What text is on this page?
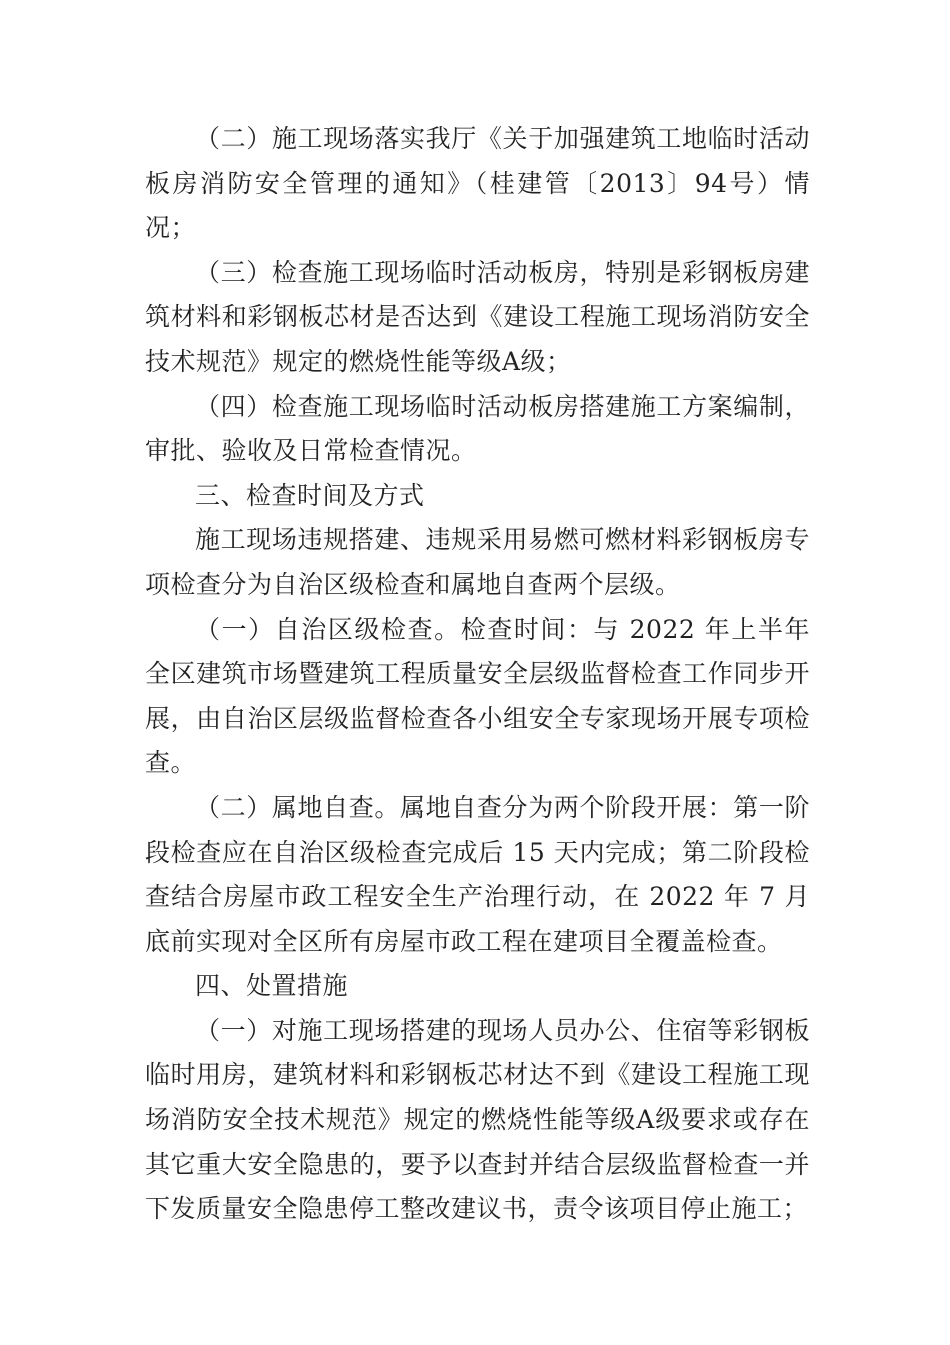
（二）施工现场落实我厅《关于加强建筑工地临时活动板房消防安全管理的通知》（桂建管〔2013〕94号）情况；

（三）检查施工现场临时活动板房，特别是彩钢板房建筑材料和彩钢板芯材是否达到《建设工程施工现场消防安全技术规范》规定的燃烧性能等级A级；

（四）检查施工现场临时活动板房搭建施工方案编制，审批、验收及日常检查情况。

三、检查时间及方式

施工现场违规搭建、违规采用易燃可燃材料彩钢板房专项检查分为自治区级检查和属地自查两个层级。

（一）自治区级检查。检查时间：与 2022 年上半年全区建筑市场暨建筑工程质量安全层级监督检查工作同步开展，由自治区层级监督检查各小组安全专家现场开展专项检查。

（二）属地自查。属地自查分为两个阶段开展：第一阶段检查应在自治区级检查完成后 15 天内完成；第二阶段检查结合房屋市政工程安全生产治理行动，在 2022 年 7 月底前实现对全区所有房屋市政工程在建项目全覆盖检查。

四、处置措施

（一）对施工现场搭建的现场人员办公、住宿等彩钢板临时用房，建筑材料和彩钢板芯材达不到《建设工程施工现场消防安全技术规范》规定的燃烧性能等级A级要求或存在其它重大安全隐患的，要予以查封并结合层级监督检查一并下发质量安全隐患停工整改建议书，责令该项目停止施工；
